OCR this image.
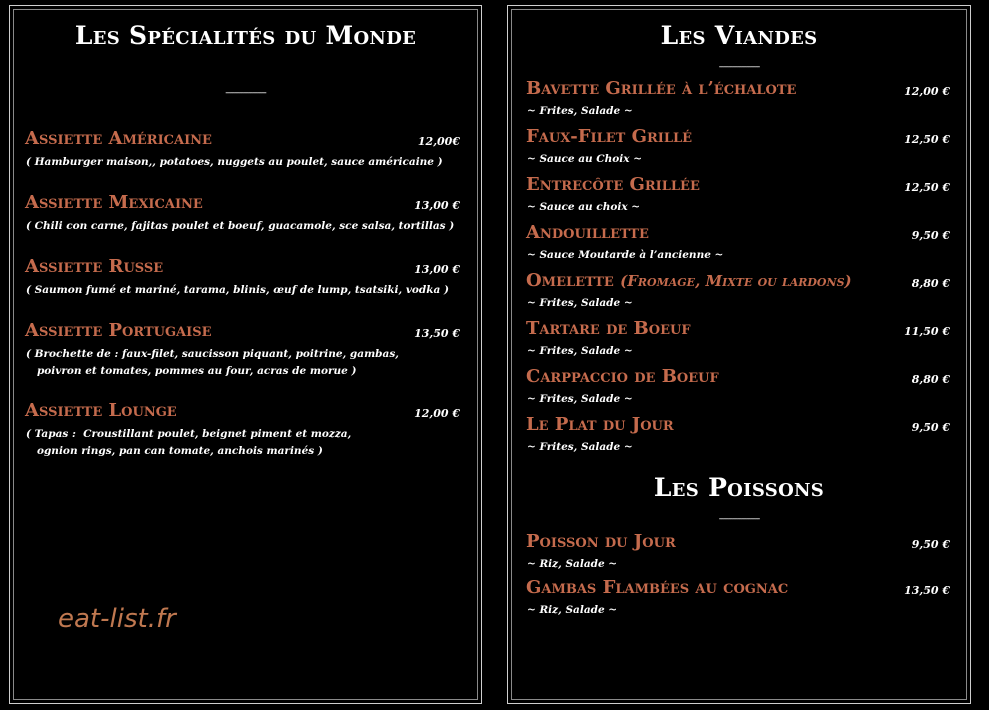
Les Spécialités du Monde
------------------
Assiette Américaine	12,00€
( Hamburger maison,, potatoes, nuggets au poulet, sauce américaine )
Assiette Mexicaine	13,00 €
( Chili con carne, fajitas poulet et boeuf, guacamole, sce salsa, tortillas )
Assiette Russe	13,00 €
( Saumon fumé et mariné, tarama, blinis, œuf de lump, tsatsiki, vodka )
Assiette Portugaise	13,50 €
( Brochette de : faux-filet, saucisson piquant, poitrine, gambas,
poivron et tomates, pommes au four, acras de morue )
Assiette Lounge	12,00 €
( Tapas :  Croustillant poulet, beignet piment et mozza,
ognion rings, pan can tomate, anchois marinés )
Les Viandes
------------------
Bavette Grillée à l’échalote	12,00 €
~ Frites, Salade ~
Faux-Filet Grillé	12,50 €
~ Sauce au Choix ~
Entrecôte Grillée	12,50 €
~ Sauce au choix ~
Andouillette	9,50 €
~ Sauce Moutarde à l’ancienne ~
Omelette (Fromage, Mixte ou lardons)	8,80 €
~ Frites, Salade ~
Tartare de Boeuf	11,50 €
~ Frites, Salade ~
Carppaccio de Boeuf	8,80 €
~ Frites, Salade ~
Le Plat du Jour	9,50 €
~ Frites, Salade ~
Les Poissons
------------------
Poisson du Jour	9,50 €
~ Riz, Salade ~
Gambas Flambées au cognac	13,50 €
~ Riz, Salade ~
eat-list.fr
